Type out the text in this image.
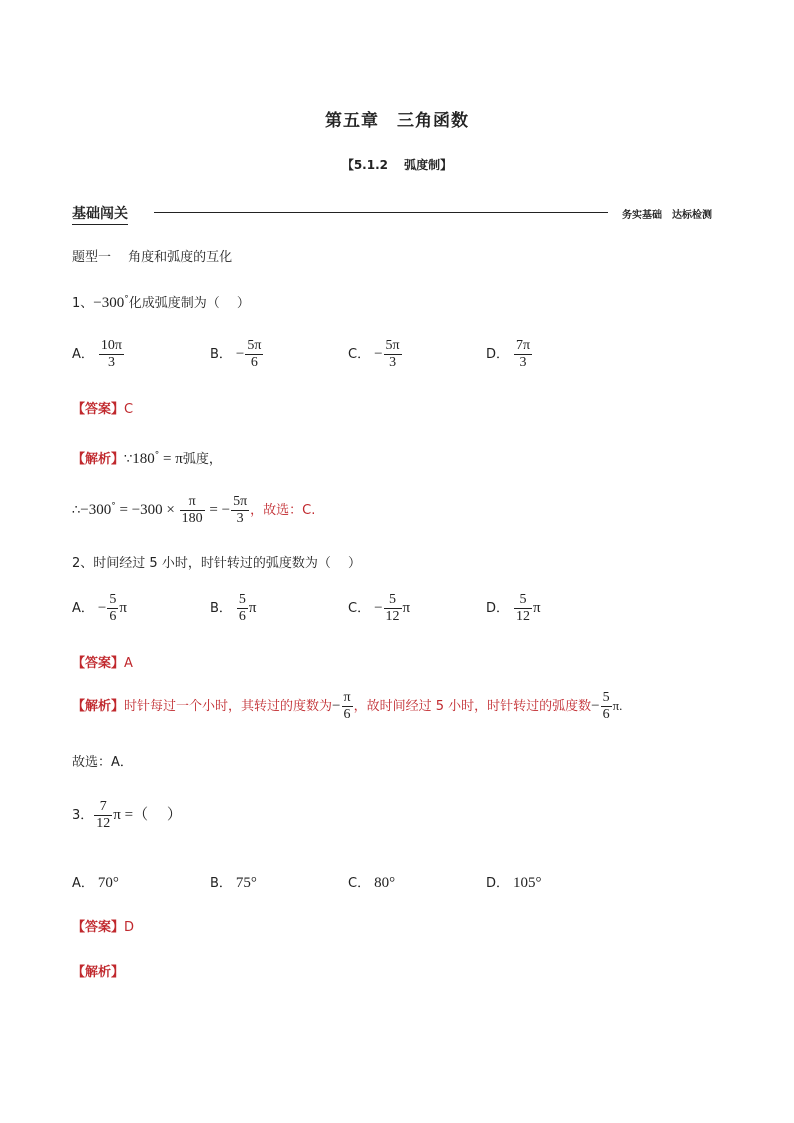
第五章　三角函数
【5.1.2　 弧度制】
基础闯关	务实基础　达标检测
题型一　 角度和弧度的互化
1、−300°化成弧度制为（　 ）
A． $\frac{10\pi}{3}$	B． − $\frac{5\pi}{6}$	C． − $\frac{5\pi}{3}$	D． $\frac{7\pi}{3}$
【答案】C
【解析】∵180° = π弧度，
∴−300° = $-300 \times \frac{\pi}{180}$ = − $\frac{5\pi}{3}$ ，故选：C.
2、时间经过 5 小时，时针转过的弧度数为（　 ）
A． − $\frac{5}{6}$ π	B． $\frac{5}{6}$ π	C． − $\frac{5}{12}$ π	D． $\frac{5}{12}$ π
【答案】A
【解析】时针每过一个小时，其转过的度数为− $\frac{\pi}{6}$ ，故时间经过 5 小时，时针转过的弧度数− $\frac{5}{6} \pi$.
故选：A．
3． $\frac{7}{12}$ π =（　 ）
A． 70°	B． 75°	C． 80°	D． 105°
【答案】D
【解析】
